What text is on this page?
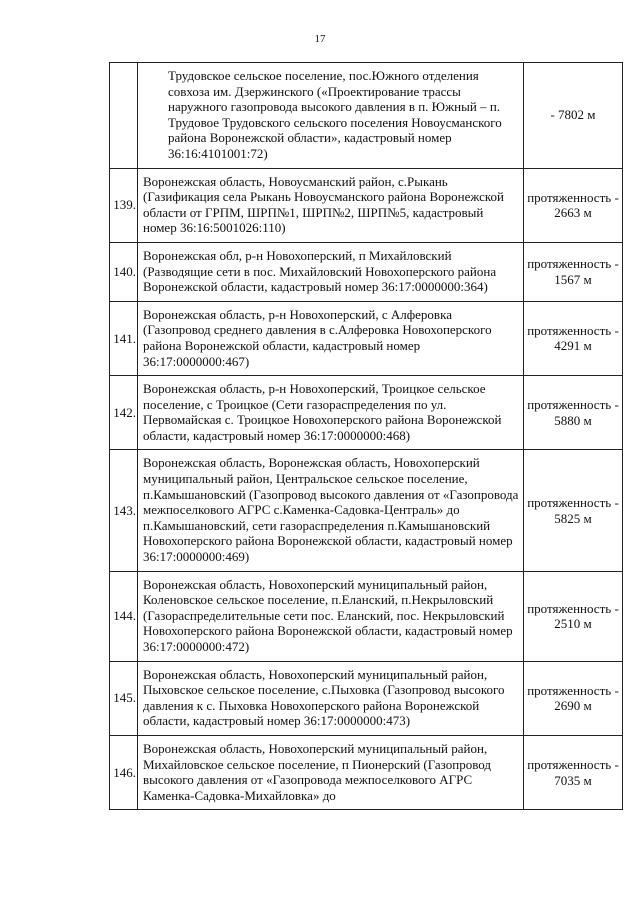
17
	Трудовское сельское поселение, пос.Южного отделения совхоза им. Дзержинского («Проектирование трассы наружного газопровода высокого давления в п. Южный – п. Трудовое Трудовского сельского поселения Новоусманского района Воронежской области», кадастровый номер 36:16:4101001:72)	- 7802 м
139.	Воронежская область, Новоусманский район, с.Рыкань (Газификация села Рыкань Новоусманского района Воронежской области от ГРПМ, ШРП№1, ШРП№2, ШРП№5, кадастровый номер 36:16:5001026:110)	протяженность - 2663 м
140.	Воронежская обл, р-н Новохоперский, п Михайловский (Разводящие сети в пос. Михайловский Новохоперского района Воронежской области, кадастровый номер 36:17:0000000:364)	протяженность - 1567 м
141.	Воронежская область, р-н Новохоперский, с Алферовка (Газопровод среднего давления в с.Алферовка Новохоперского района Воронежской области, кадастровый номер 36:17:0000000:467)	протяженность - 4291 м
142.	Воронежская область, р-н Новохоперский, Троицкое сельское поселение, с Троицкое (Сети газораспределения по ул. Первомайская с. Троицкое Новохоперского района Воронежской области, кадастровый номер 36:17:0000000:468)	протяженность - 5880 м
143.	Воронежская область, Воронежская область, Новохоперский муниципальный район, Центральское сельское поселение, п.Камышановский (Газопровод высокого давления от «Газопровода межпоселкового АГРС с.Каменка-Садовка-Централь» до п.Камышановский, сети газораспределения п.Камышановский Новохоперского района Воронежской области, кадастровый номер 36:17:0000000:469)	протяженность - 5825 м
144.	Воронежская область, Новохоперский муниципальный район, Коленовское сельское поселение, п.Еланский, п.Некрыловский (Газораспределительные сети пос. Еланский, пос. Некрыловский Новохоперского района Воронежской области, кадастровый номер 36:17:0000000:472)	протяженность - 2510 м
145.	Воронежская область, Новохоперский муниципальный район, Пыховское сельское поселение, с.Пыховка (Газопровод высокого давления к с. Пыховка Новохоперского района Воронежской области, кадастровый номер 36:17:0000000:473)	протяженность - 2690 м
146.	Воронежская область, Новохоперский муниципальный район, Михайловское сельское поселение, п Пионерский (Газопровод высокого давления от «Газопровода межпоселкового АГРС Каменка-Садовка-Михайловка» до	протяженность - 7035 м
